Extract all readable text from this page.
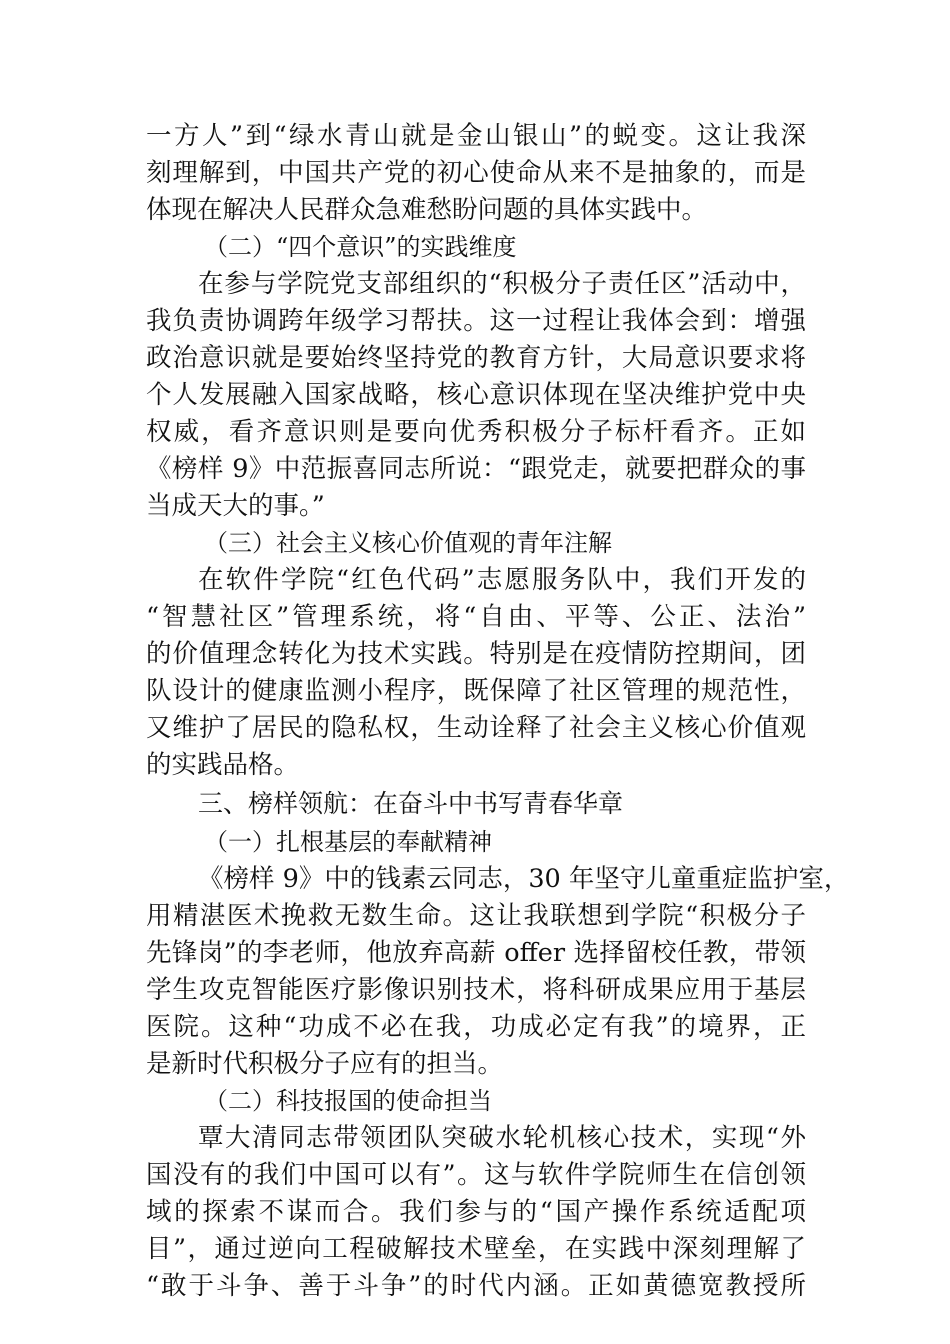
一方人”到“绿水青山就是金山银山”的蜕变。这让我深
刻理解到，中国共产党的初心使命从来不是抽象的，而是
体现在解决人民群众急难愁盼问题的具体实践中。
（二）“四个意识”的实践维度
在参与学院党支部组织的“积极分子责任区”活动中，
我负责协调跨年级学习帮扶。这一过程让我体会到：增强
政治意识就是要始终坚持党的教育方针，大局意识要求将
个人发展融入国家战略，核心意识体现在坚决维护党中央
权威，看齐意识则是要向优秀积极分子标杆看齐。正如
《榜样 9》中范振喜同志所说：“跟党走，就要把群众的事
当成天大的事。”
（三）社会主义核心价值观的青年注解
在软件学院“红色代码”志愿服务队中，我们开发的
“智慧社区”管理系统，将“自由、平等、公正、法治”
的价值理念转化为技术实践。特别是在疫情防控期间，团
队设计的健康监测小程序，既保障了社区管理的规范性，
又维护了居民的隐私权，生动诠释了社会主义核心价值观
的实践品格。
三、榜样领航：在奋斗中书写青春华章
（一）扎根基层的奉献精神
《榜样 9》中的钱素云同志，30 年坚守儿童重症监护室，
用精湛医术挽救无数生命。这让我联想到学院“积极分子
先锋岗”的李老师，他放弃高薪 offer 选择留校任教，带领
学生攻克智能医疗影像识别技术，将科研成果应用于基层
医院。这种“功成不必在我，功成必定有我”的境界，正
是新时代积极分子应有的担当。
（二）科技报国的使命担当
覃大清同志带领团队突破水轮机核心技术，实现“外
国没有的我们中国可以有”。这与软件学院师生在信创领
域的探索不谋而合。我们参与的“国产操作系统适配项
目”，通过逆向工程破解技术壁垒，在实践中深刻理解了
“敢于斗争、善于斗争”的时代内涵。正如黄德宽教授所
